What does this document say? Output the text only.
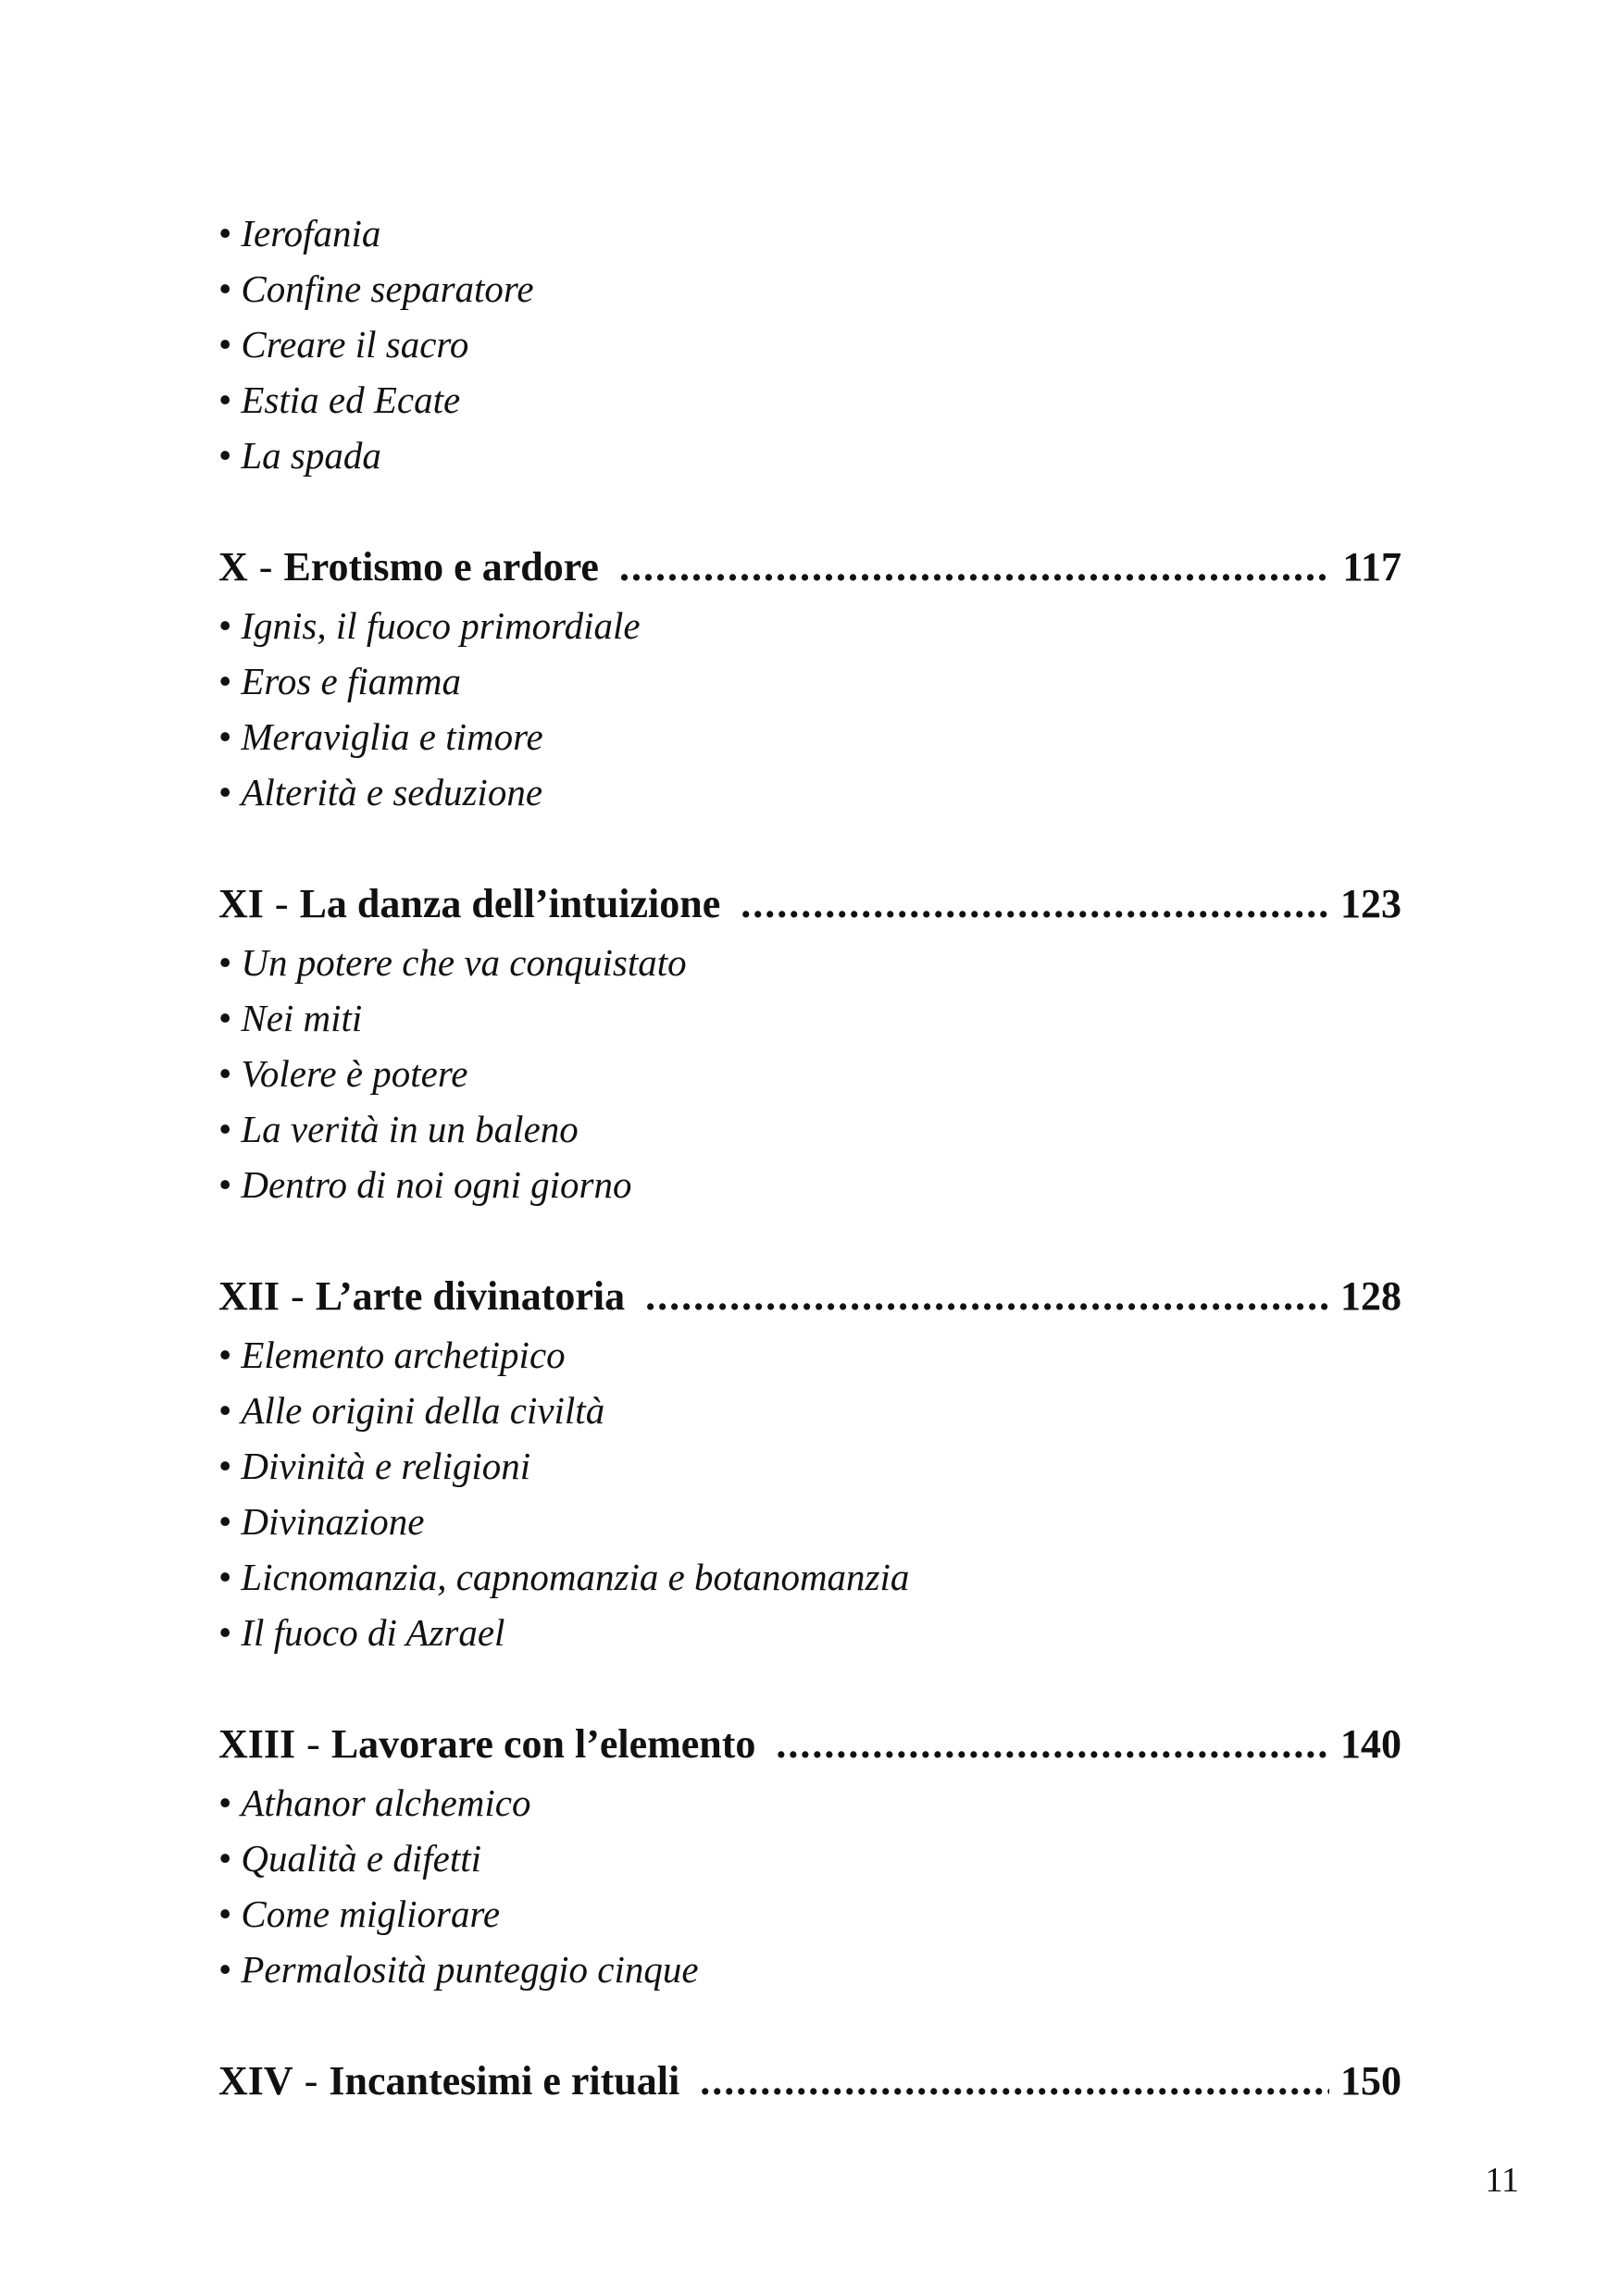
• Ierofania
• Confine separatore
• Creare il sacro
• Estia ed Ecate
• La spada
X - Erotismo e ardore .....	117
• Ignis, il fuoco primordiale
• Eros e fiamma
• Meraviglia e timore
• Alterità e seduzione
XI - La danza dell’intuizione .....	123
• Un potere che va conquistato
• Nei miti
• Volere è potere
• La verità in un baleno
• Dentro di noi ogni giorno
XII - L’arte divinatoria .....	128
• Elemento archetipico
• Alle origini della civiltà
• Divinità e religioni
• Divinazione
• Licnomanzia, capnomanzia e botanomanzia
• Il fuoco di Azrael
XIII - Lavorare con l’elemento .....	140
• Athanor alchemico
• Qualità e difetti
• Come migliorare
• Permalosità punteggio cinque
XIV - Incantesimi e rituali .....	150
11
